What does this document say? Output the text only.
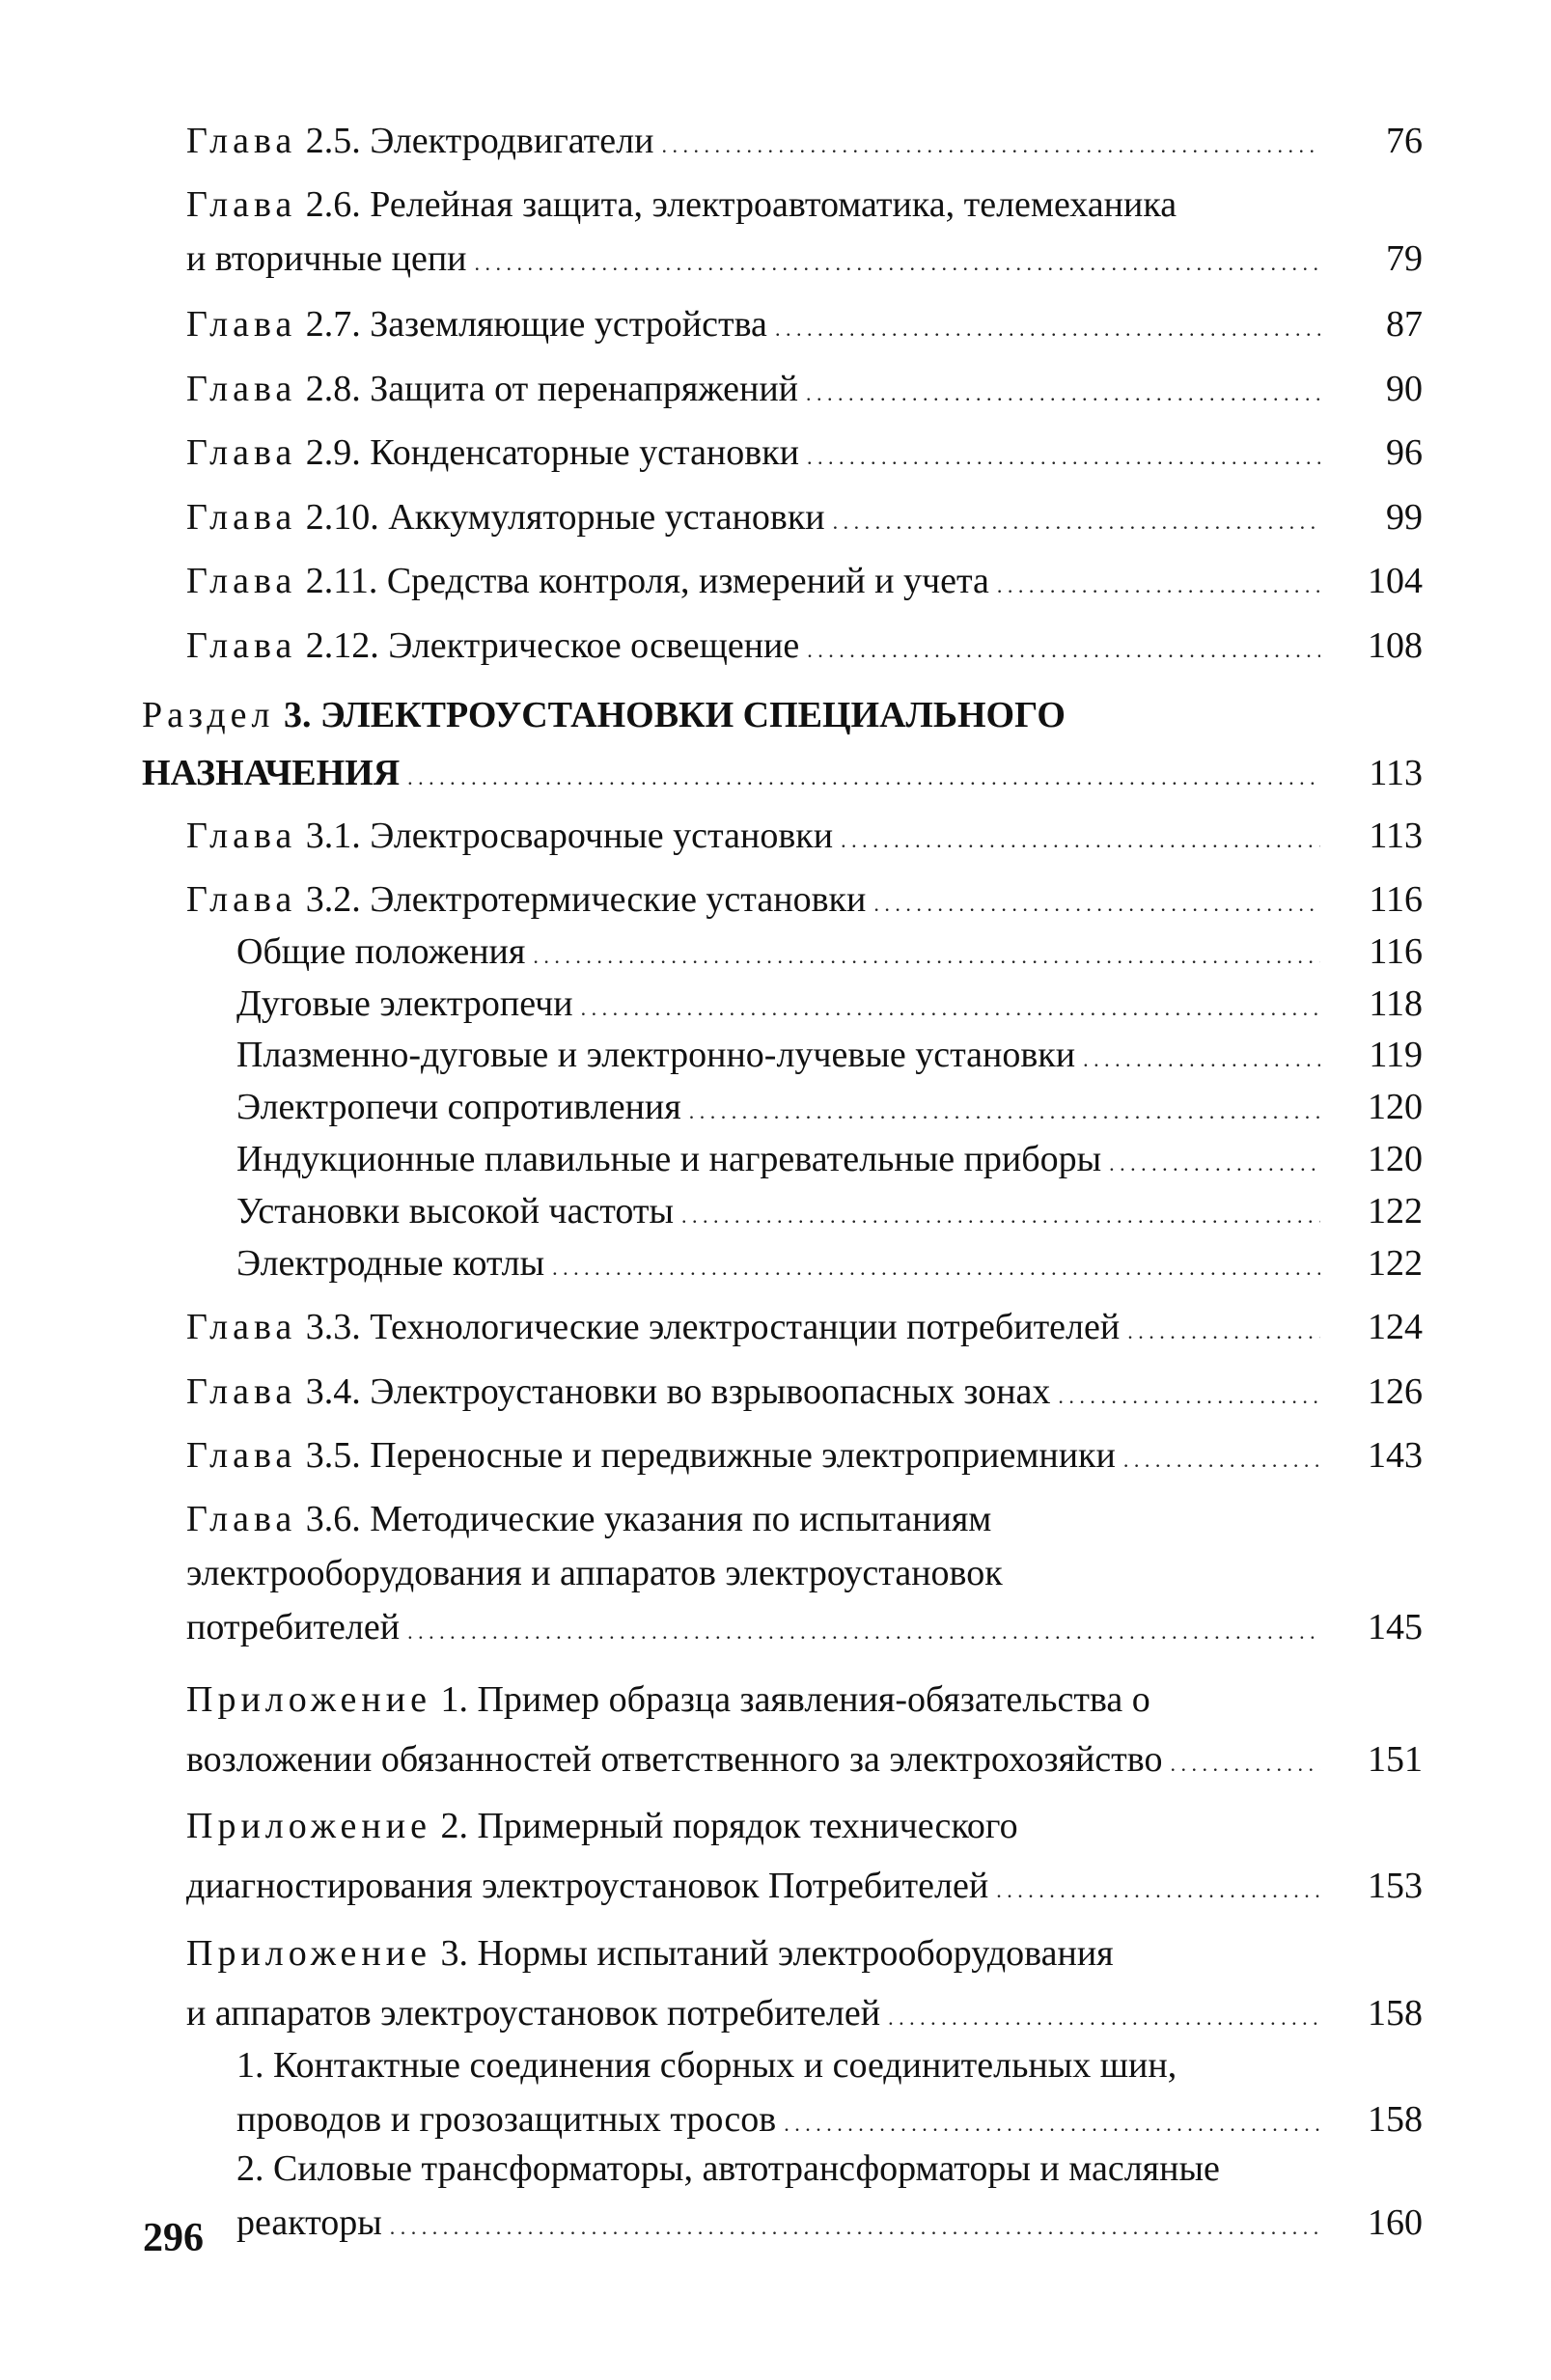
Глава 2.5. Электродвигатели . . .	76
Глава 2.6. Релейная защита, электроавтоматика, телемеханика
и вторичные цепи . . .	79
Глава 2.7. Заземляющие устройства . . .	87
Глава 2.8. Защита от перенапряжений . . .	90
Глава 2.9. Конденсаторные установки . . .	96
Глава 2.10. Аккумуляторные установки . . .	99
Глава 2.11. Средства контроля, измерений и учета . . .	104
Глава 2.12. Электрическое освещение . . .	108
Раздел 3. ЭЛЕКТРОУСТАНОВКИ СПЕЦИАЛЬНОГО
НАЗНАЧЕНИЯ . . .	113
Глава 3.1. Электросварочные установки . . .	113
Глава 3.2. Электротермические установки . . .	116
Общие положения . . .	116
Дуговые электропечи . . .	118
Плазменно-дуговые и электронно-лучевые установки . . .	119
Электропечи сопротивления . . .	120
Индукционные плавильные и нагревательные приборы . . .	120
Установки высокой частоты . . .	122
Электродные котлы . . .	122
Глава 3.3. Технологические электростанции потребителей . . .	124
Глава 3.4. Электроустановки во взрывоопасных зонах . . .	126
Глава 3.5. Переносные и передвижные электроприемники . . .	143
Глава 3.6. Методические указания по испытаниям
электрооборудования и аппаратов электроустановок
потребителей . . .	145
Приложение 1. Пример образца заявления-обязательства о
возложении обязанностей ответственного за электрохозяйство . . .	151
Приложение 2. Примерный порядок технического
диагностирования электроустановок Потребителей . . .	153
Приложение 3. Нормы испытаний электрооборудования
и аппаратов электроустановок потребителей . . .	158
1. Контактные соединения сборных и соединительных шин,
проводов и грозозащитных тросов . . .	158
2. Силовые трансформаторы, автотрансформаторы и масляные
реакторы . . .	160
296
